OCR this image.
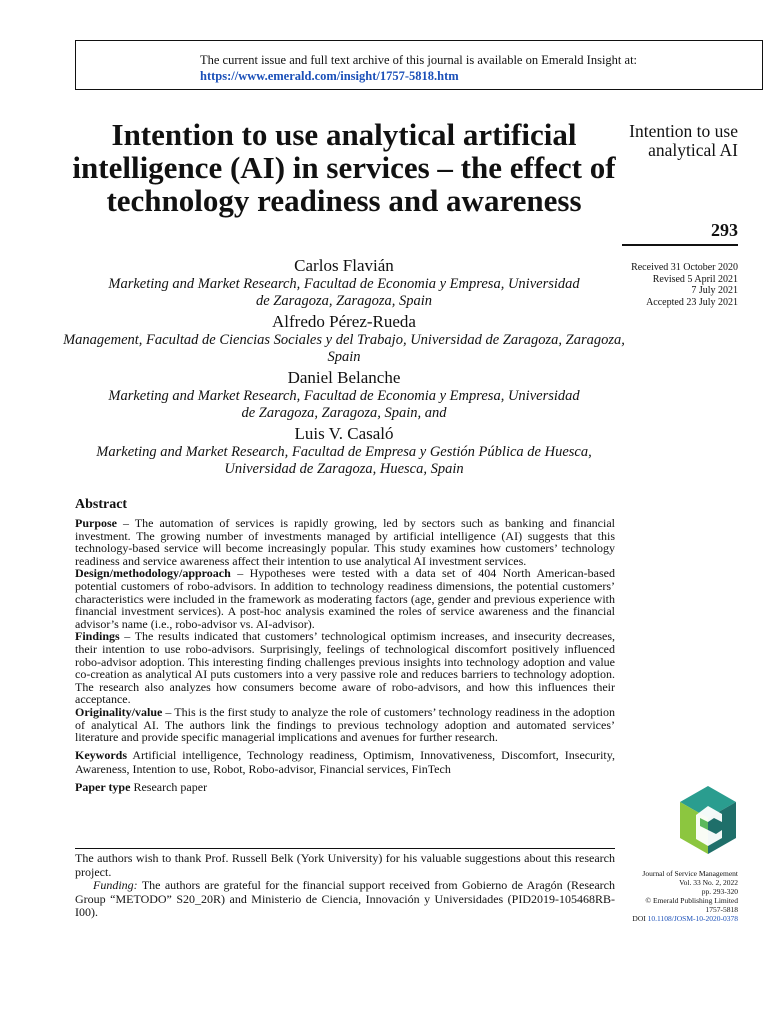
The current issue and full text archive of this journal is available on Emerald Insight at:
https://www.emerald.com/insight/1757-5818.htm
Intention to use analytical artificial intelligence (AI) in services – the effect of technology readiness and awareness
Intention to use analytical AI
293
Received 31 October 2020
Revised 5 April 2021
7 July 2021
Accepted 23 July 2021
Carlos Flavián
Marketing and Market Research, Facultad de Economia y Empresa, Universidad de Zaragoza, Zaragoza, Spain
Alfredo Pérez-Rueda
Management, Facultad de Ciencias Sociales y del Trabajo, Universidad de Zaragoza, Zaragoza, Spain
Daniel Belanche
Marketing and Market Research, Facultad de Economia y Empresa, Universidad de Zaragoza, Zaragoza, Spain, and
Luis V. Casaló
Marketing and Market Research, Facultad de Empresa y Gestión Pública de Huesca, Universidad de Zaragoza, Huesca, Spain
Abstract

Purpose – The automation of services is rapidly growing, led by sectors such as banking and financial investment. The growing number of investments managed by artificial intelligence (AI) suggests that this technology-based service will become increasingly popular. This study examines how customers’ technology readiness and service awareness affect their intention to use analytical AI investment services.

Design/methodology/approach – Hypotheses were tested with a data set of 404 North American-based potential customers of robo-advisors. In addition to technology readiness dimensions, the potential customers’ characteristics were included in the framework as moderating factors (age, gender and previous experience with financial investment services). A post-hoc analysis examined the roles of service awareness and the financial advisor’s name (i.e., robo-advisor vs. AI-advisor).

Findings – The results indicated that customers’ technological optimism increases, and insecurity decreases, their intention to use robo-advisors. Surprisingly, feelings of technological discomfort positively influenced robo-advisor adoption. This interesting finding challenges previous insights into technology adoption and value co-creation as analytical AI puts customers into a very passive role and reduces barriers to technology adoption. The research also analyzes how consumers become aware of robo-advisors, and how this influences their acceptance.

Originality/value – This is the first study to analyze the role of customers’ technology readiness in the adoption of analytical AI. The authors link the findings to previous technology adoption and automated services’ literature and provide specific managerial implications and avenues for further research.

Keywords Artificial intelligence, Technology readiness, Optimism, Innovativeness, Discomfort, Insecurity, Awareness, Intention to use, Robot, Robo-advisor, Financial services, FinTech

Paper type Research paper

The authors wish to thank Prof. Russell Belk (York University) for his valuable suggestions about this research project.

Funding: The authors are grateful for the financial support received from Gobierno de Aragón (Research Group “METODO” S20_20R) and Ministerio de Ciencia, Innovación y Universidades (PID2019-105468RB-I00).

Journal of Service Management
Vol. 33 No. 2, 2022
pp. 293-320
© Emerald Publishing Limited
1757-5818
DOI 10.1108/JOSM-10-2020-0378
